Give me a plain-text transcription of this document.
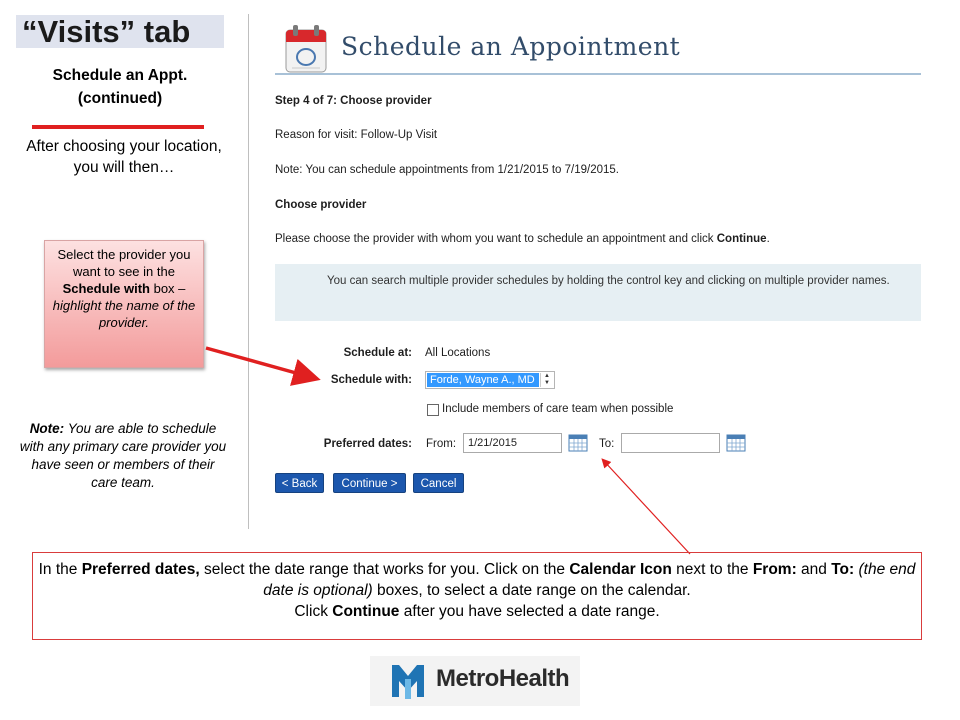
“Visits” tab
Schedule an Appt.
(continued)
After choosing your location, you will then…
Select the provider you want to see in the Schedule with box – highlight the name of the provider.
Note: You are able to schedule with any primary care provider you have seen or members of their care team.
Schedule an Appointment
Step 4 of 7: Choose provider
Reason for visit: Follow-Up Visit
Note: You can schedule appointments from 1/21/2015 to 7/19/2015.
Choose provider
Please choose the provider with whom you want to schedule an appointment and click Continue.
You can search multiple provider schedules by holding the control key and clicking on multiple provider names.
Schedule at: All Locations
Schedule with: Forde, Wayne A., MD	▲
▼
Include members of care team when possible
Preferred dates: From:	1/21/2015	To:
< Back	Continue >	Cancel
In the Preferred dates, select the date range that works for you. Click on the Calendar Icon next to the From: and To: (the end date is optional) boxes, to select a date range on the calendar.
Click Continue after you have selected a date range.
MetroHealth
